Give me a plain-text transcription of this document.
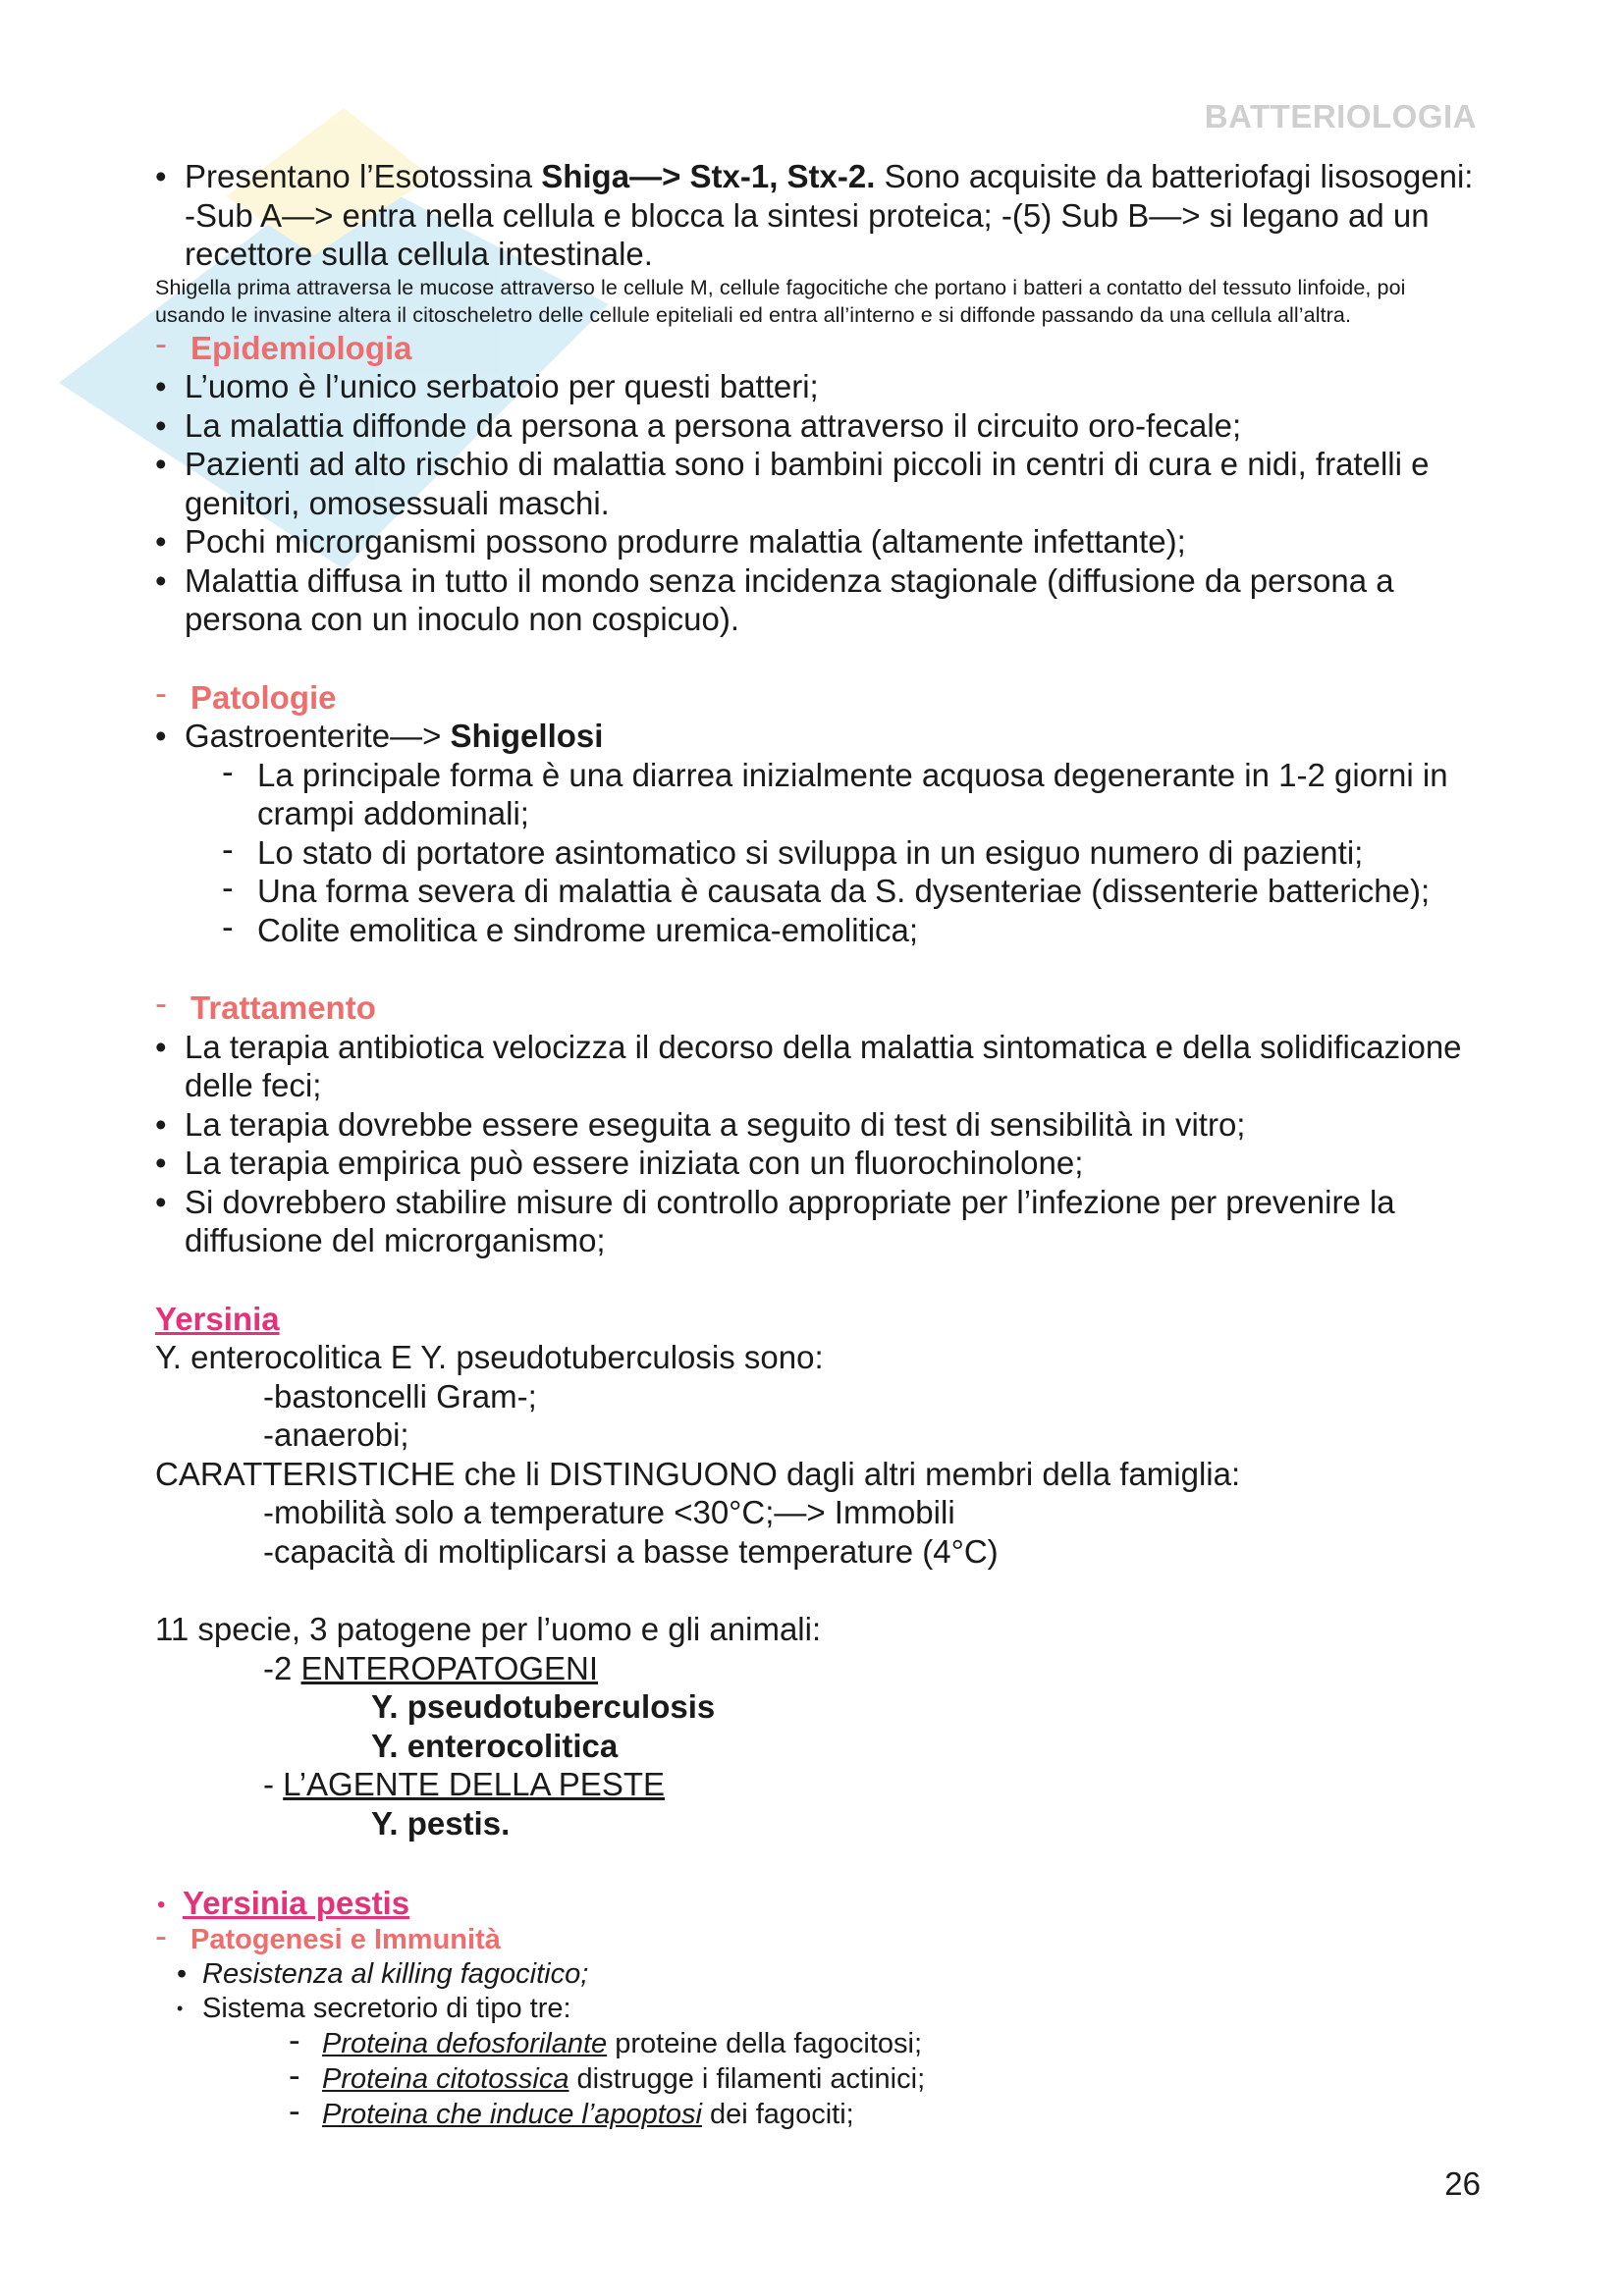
BATTERIOLOGIA

• Presentano l’Esotossina Shiga—> Stx-1, Stx-2. Sono acquisite da batteriofagi lisosogeni: -Sub A—> entra nella cellula e blocca la sintesi proteica; -(5) Sub B—> si legano ad un recettore sulla cellula intestinale.

Shigella prima attraversa le mucose attraverso le cellule M, cellule fagocitiche che portano i batteri a contatto del tessuto linfoide, poi usando le invasine altera il citoscheletro delle cellule epiteliali ed entra all’interno e si diffonde passando da una cellula all’altra.

- Epidemiologia

• L’uomo è l’unico serbatoio per questi batteri;

• La malattia diffonde da persona a persona attraverso il circuito oro-fecale;

• Pazienti ad alto rischio di malattia sono i bambini piccoli in centri di cura e nidi, fratelli e genitori, omosessuali maschi.

• Pochi microrganismi possono produrre malattia (altamente infettante);

• Malattia diffusa in tutto il mondo senza incidenza stagionale (diffusione da persona a persona con un inoculo non cospicuo).

- Patologie

• Gastroenterite—> Shigellosi

- La principale forma è una diarrea inizialmente acquosa degenerante in 1-2 giorni in crampi addominali;

- Lo stato di portatore asintomatico si sviluppa in un esiguo numero di pazienti;

- Una forma severa di malattia è causata da S. dysenteriae (dissenterie batteriche);

- Colite emolitica e sindrome uremica-emolitica;

- Trattamento

• La terapia antibiotica velocizza il decorso della malattia sintomatica e della solidificazione delle feci;

• La terapia dovrebbe essere eseguita a seguito di test di sensibilità in vitro;

• La terapia empirica può essere iniziata con un fluorochinolone;

• Si dovrebbero stabilire misure di controllo appropriate per l’infezione per prevenire la diffusione del microrganismo;

Yersinia

Y. enterocolitica E Y. pseudotuberculosis sono:

-bastoncelli Gram-;

-anaerobi;

CARATTERISTICHE che li DISTINGUONO dagli altri membri della famiglia:

-mobilità solo a temperature <30°C;—> Immobili

-capacità di moltiplicarsi a basse temperature (4°C)

11 specie, 3 patogene per l’uomo e gli animali:

-2 ENTEROPATOGENI

Y. pseudotuberculosis

Y. enterocolitica

- L’AGENTE DELLA PESTE

Y. pestis.

• Yersinia pestis

- Patogenesi e Immunità

• Resistenza al killing fagocitico;

• Sistema secretorio di tipo tre:

- Proteina defosforilante proteine della fagocitosi;

- Proteina citotossica distrugge i filamenti actinici;

- Proteina che induce l’apoptosi dei fagociti;

26
